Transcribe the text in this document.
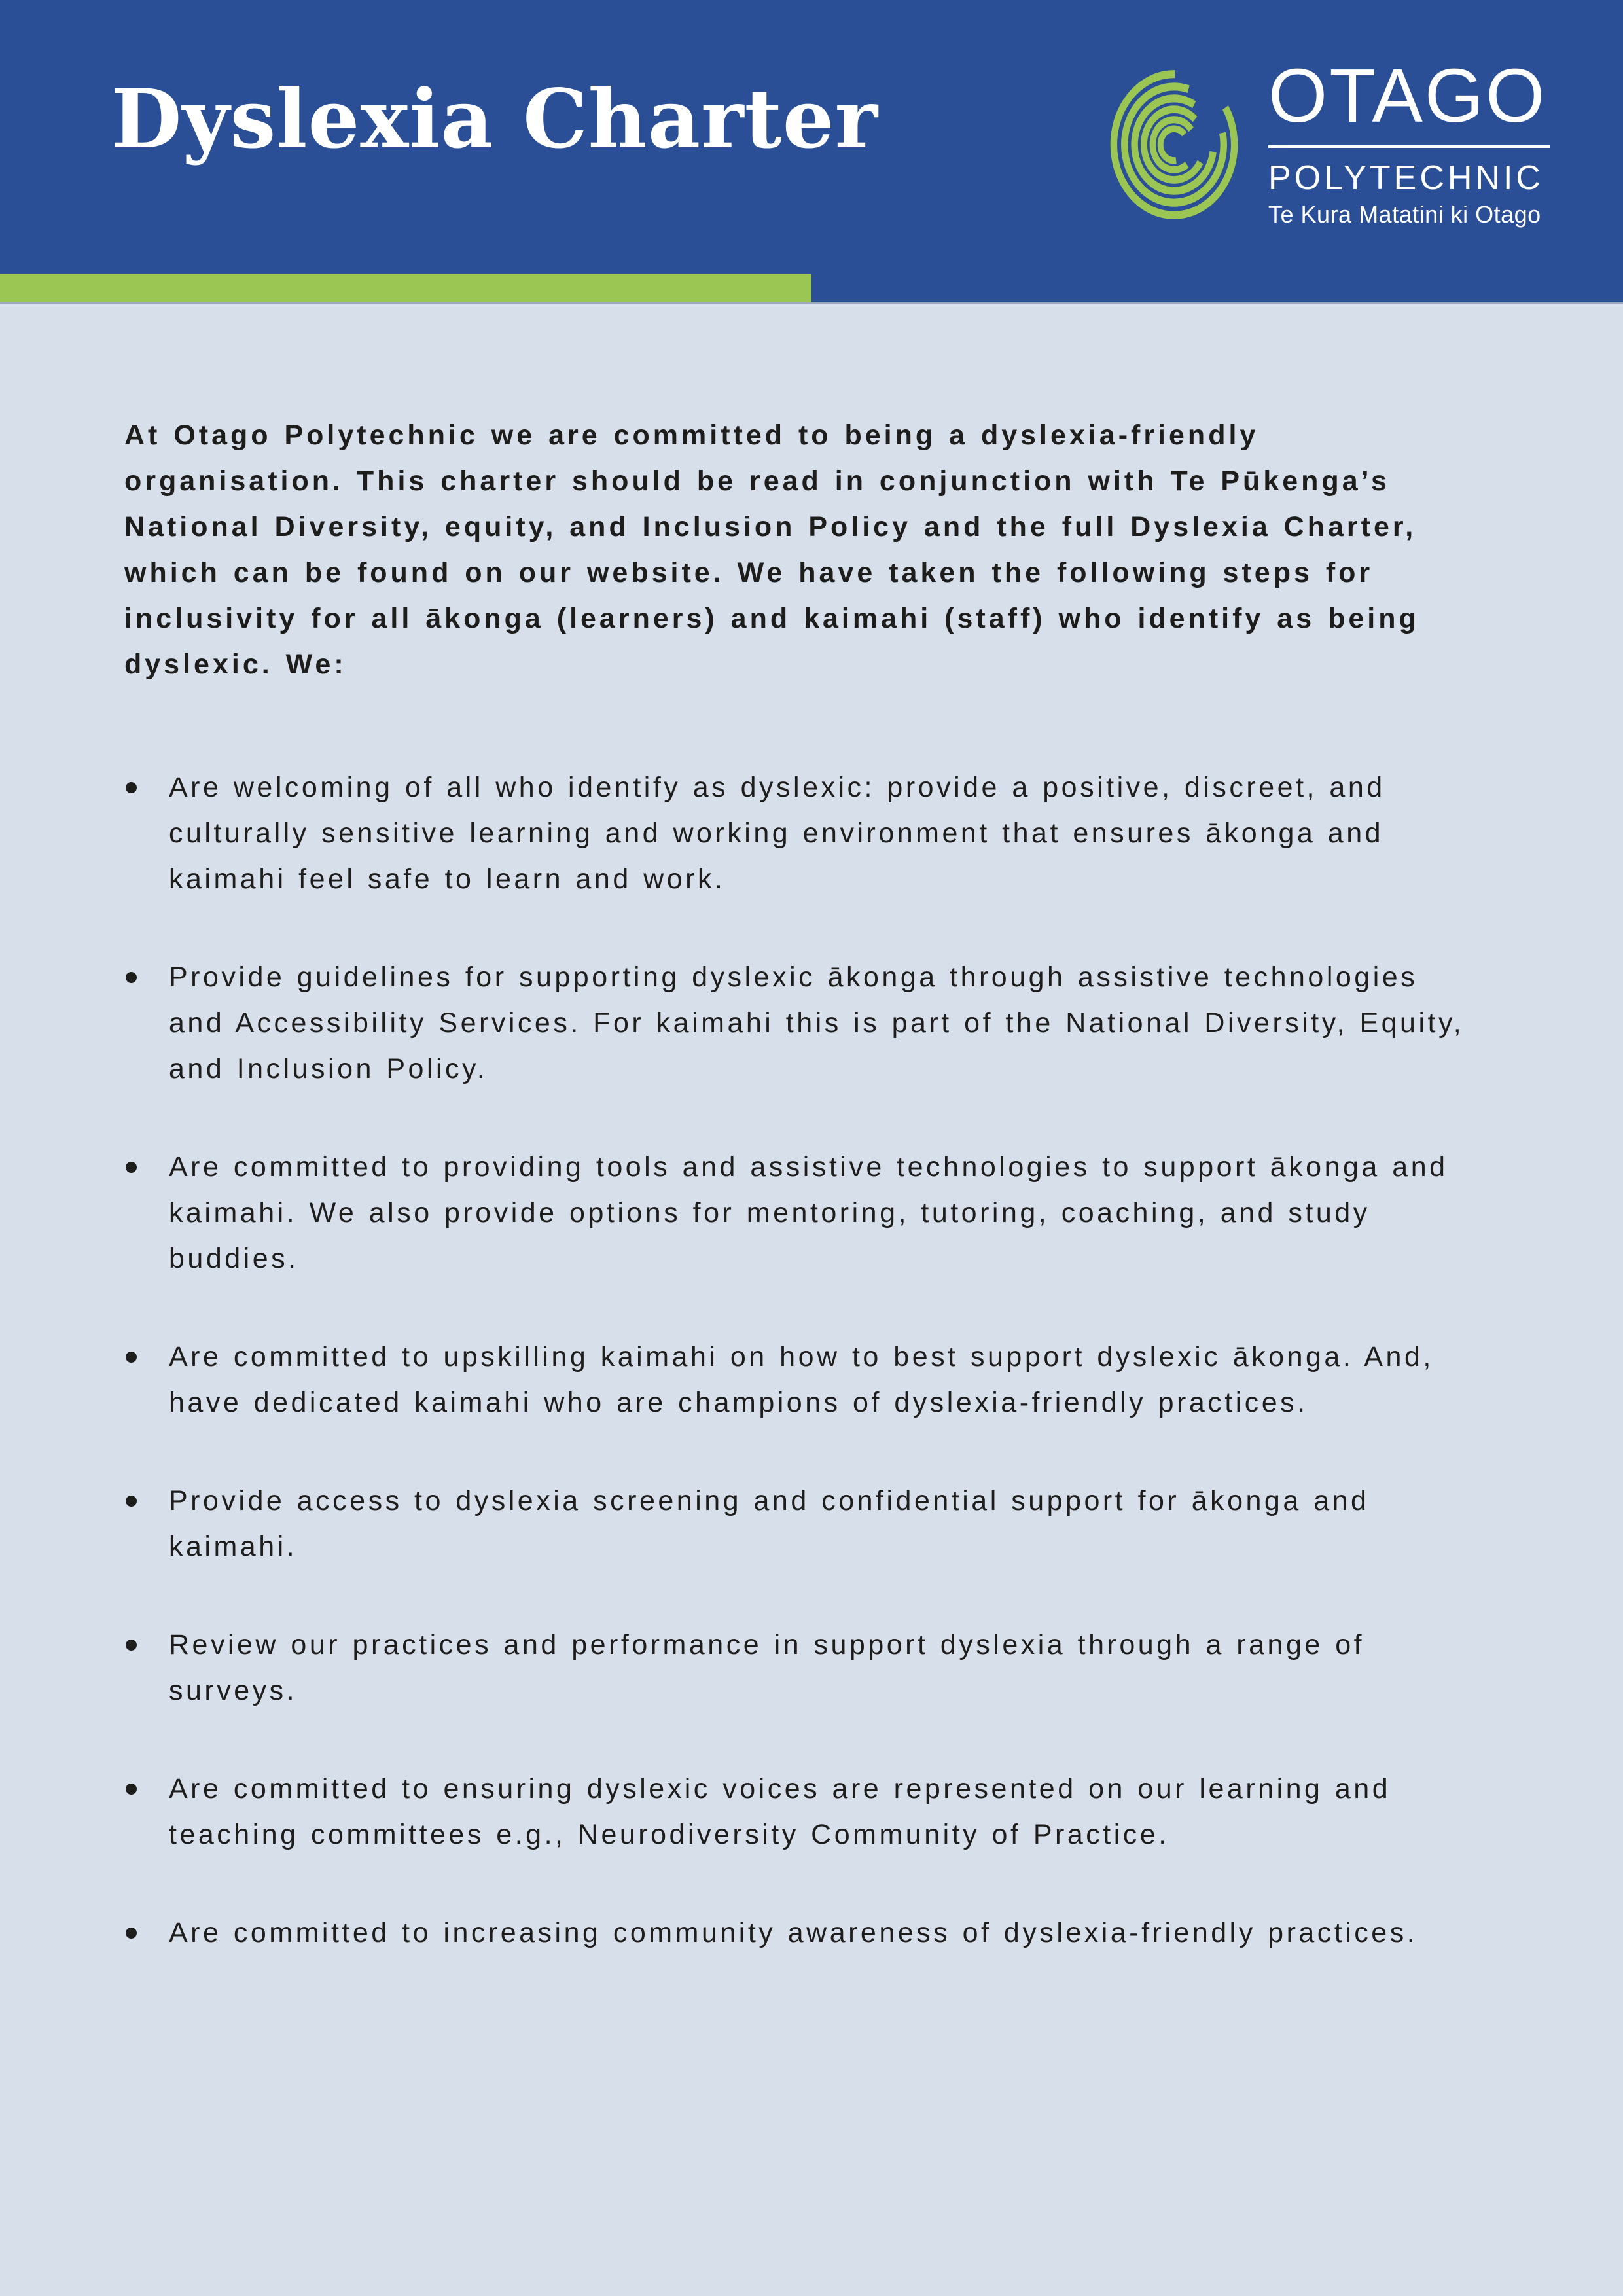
Dyslexia Charter	OTAGO
POLYTECHNIC
Te Kura Matatini ki Otago

At Otago Polytechnic we are committed to being a dyslexia-friendly organisation. This charter should be read in conjunction with Te Pūkenga’s National Diversity, equity, and Inclusion Policy and the full Dyslexia Charter, which can be found on our website. We have taken the following steps for inclusivity for all ākonga (learners) and kaimahi (staff) who identify as being dyslexic. We:

Are welcoming of all who identify as dyslexic: provide a positive, discreet, and culturally sensitive learning and working environment that ensures ākonga and kaimahi feel safe to learn and work.
Provide guidelines for supporting dyslexic ākonga through assistive technologies and Accessibility Services. For kaimahi this is part of the National Diversity, Equity, and Inclusion Policy.
Are committed to providing tools and assistive technologies to support ākonga and kaimahi. We also provide options for mentoring, tutoring, coaching, and study buddies.
Are committed to upskilling kaimahi on how to best support dyslexic ākonga. And, have dedicated kaimahi who are champions of dyslexia-friendly practices.
Provide access to dyslexia screening and confidential support for ākonga and kaimahi.
Review our practices and performance in support dyslexia through a range of surveys.
Are committed to ensuring dyslexic voices are represented on our learning and teaching committees e.g., Neurodiversity Community of Practice.
Are committed to increasing community awareness of dyslexia-friendly practices.
